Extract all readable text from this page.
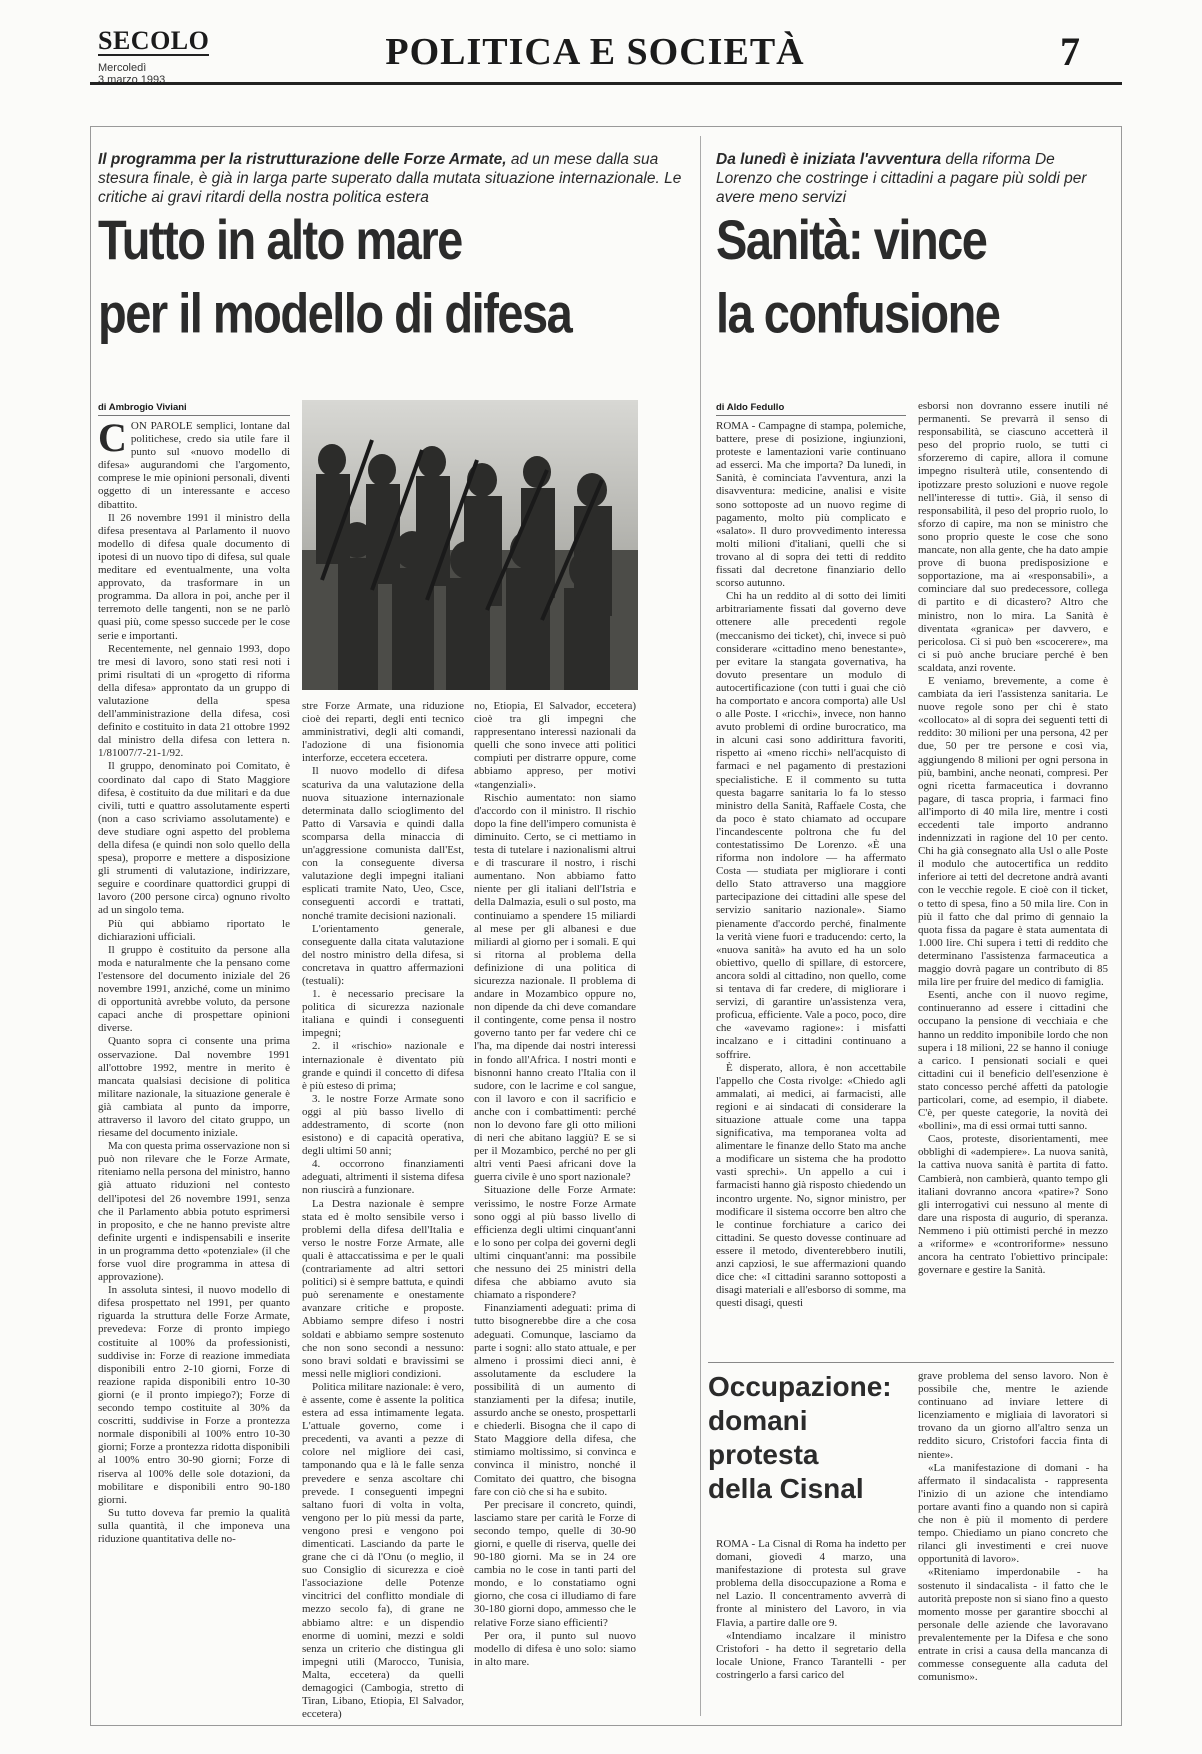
SECOLO
Mercoledì
3 marzo 1993
POLITICA E SOCIETÀ	7
Il programma per la ristrutturazione delle Forze Armate, ad un mese dalla sua stesura finale, è già in larga parte superato dalla mutata situazione internazionale. Le critiche ai gravi ritardi della nostra politica estera
Tutto in alto mare
per il modello di difesa
Da lunedì è iniziata l'avventura della riforma De Lorenzo che costringe i cittadini a pagare più soldi per avere meno servizi
Sanità: vince
la confusione
di Ambrogio Viviani

CON PAROLE semplici, lontane dal politichese, credo sia utile fare il punto sul «nuovo modello di difesa» augurandomi che l'argomento, comprese le mie opinioni personali, diventi oggetto di un interessante e acceso dibattito.

Il 26 novembre 1991 il ministro della difesa presentava al Parlamento il nuovo modello di difesa quale documento di ipotesi di un nuovo tipo di difesa, sul quale meditare ed eventualmente, una volta approvato, da trasformare in un programma. Da allora in poi, anche per il terremoto delle tangenti, non se ne parlò quasi più, come spesso succede per le cose serie e importanti.

Recentemente, nel gennaio 1993, dopo tre mesi di lavoro, sono stati resi noti i primi risultati di un «progetto di riforma della difesa» approntato da un gruppo di valutazione della spesa dell'amministrazione della difesa, così definito e costituito in data 21 ottobre 1992 dal ministro della difesa con lettera n. 1/81007/7-21-1/92.

Il gruppo, denominato poi Comitato, è coordinato dal capo di Stato Maggiore difesa, è costituito da due militari e da due civili, tutti e quattro assolutamente esperti (non a caso scriviamo assolutamente) e deve studiare ogni aspetto del problema della difesa (e quindi non solo quello della spesa), proporre e mettere a disposizione gli strumenti di valutazione, indirizzare, seguire e coordinare quattordici gruppi di lavoro (200 persone circa) ognuno rivolto ad un singolo tema.

Più qui abbiamo riportato le dichiarazioni ufficiali.

Il gruppo è costituito da persone alla moda e naturalmente che la pensano come l'estensore del documento iniziale del 26 novembre 1991, anziché, come un minimo di opportunità avrebbe voluto, da persone capaci anche di prospettare opinioni diverse.

Quanto sopra ci consente una prima osservazione. Dal novembre 1991 all'ottobre 1992, mentre in merito è mancata qualsiasi decisione di politica militare nazionale, la situazione generale è già cambiata al punto da imporre, attraverso il lavoro del citato gruppo, un riesame del documento iniziale.

Ma con questa prima osservazione non si può non rilevare che le Forze Armate, riteniamo nella persona del ministro, hanno già attuato riduzioni nel contesto dell'ipotesi del 26 novembre 1991, senza che il Parlamento abbia potuto esprimersi in proposito, e che ne hanno previste altre definite urgenti e indispensabili e inserite in un programma detto «potenziale» (il che forse vuol dire programma in attesa di approvazione).

In assoluta sintesi, il nuovo modello di difesa prospettato nel 1991, per quanto riguarda la struttura delle Forze Armate, prevedeva: Forze di pronto impiego costituite al 100% da professionisti, suddivise in: Forze di reazione immediata disponibili entro 2-10 giorni, Forze di reazione rapida disponibili entro 10-30 giorni (e il pronto impiego?); Forze di secondo tempo costituite al 30% da coscritti, suddivise in Forze a prontezza normale disponibili al 100% entro 10-30 giorni; Forze a prontezza ridotta disponibili al 100% entro 30-90 giorni; Forze di riserva al 100% delle sole dotazioni, da mobilitare e disponibili entro 90-180 giorni.

Su tutto doveva far premio la qualità sulla quantità, il che imponeva una riduzione quantitativa delle no-

stre Forze Armate, una riduzione cioè dei reparti, degli enti tecnico amministrativi, degli alti comandi, l'adozione di una fisionomia interforze, eccetera eccetera.

Il nuovo modello di difesa scaturiva da una valutazione della nuova situazione internazionale determinata dallo scioglimento del Patto di Varsavia e quindi dalla scomparsa della minaccia di un'aggressione comunista dall'Est, con la conseguente diversa valutazione degli impegni italiani esplicati tramite Nato, Ueo, Csce, conseguenti accordi e trattati, nonché tramite decisioni nazionali.

L'orientamento generale, conseguente dalla citata valutazione del nostro ministro della difesa, si concretava in quattro affermazioni (testuali):

1. è necessario precisare la politica di sicurezza nazionale italiana e quindi i conseguenti impegni;

2. il «rischio» nazionale e internazionale è diventato più grande e quindi il concetto di difesa è più esteso di prima;

3. le nostre Forze Armate sono oggi al più basso livello di addestramento, di scorte (non esistono) e di capacità operativa, degli ultimi 50 anni;

4. occorrono finanziamenti adeguati, altrimenti il sistema difesa non riuscirà a funzionare.

La Destra nazionale è sempre stata ed è molto sensibile verso i problemi della difesa dell'Italia e verso le nostre Forze Armate, alle quali è attaccatissima e per le quali (contrariamente ad altri settori politici) si è sempre battuta, e quindi può serenamente e onestamente avanzare critiche e proposte. Abbiamo sempre difeso i nostri soldati e abbiamo sempre sostenuto che non sono secondi a nessuno: sono bravi soldati e bravissimi se messi nelle migliori condizioni.

Politica militare nazionale: è vero, è assente, come è assente la politica estera ad essa intimamente legata. L'attuale governo, come i precedenti, va avanti a pezze di colore nel migliore dei casi, tamponando qua e là le falle senza prevedere e senza ascoltare chi prevede. I conseguenti impegni saltano fuori di volta in volta, vengono per lo più messi da parte, vengono presi e vengono poi dimenticati. Lasciando da parte le grane che ci dà l'Onu (o meglio, il suo Consiglio di sicurezza e cioè l'associazione delle Potenze vincitrici del conflitto mondiale di mezzo secolo fa), di grane ne abbiamo altre: e un dispendio enorme di uomini, mezzi e soldi senza un criterio che distingua gli impegni utili (Marocco, Tunisia, Malta, eccetera) da quelli demagogici (Cambogia, stretto di Tiran, Libano, Etiopia, El Salvador, eccetera)

no, Etiopia, El Salvador, eccetera) cioè tra gli impegni che rappresentano interessi nazionali da quelli che sono invece atti politici compiuti per distrarre oppure, come abbiamo appreso, per motivi «tangenziali».

Rischio aumentato: non siamo d'accordo con il ministro. Il rischio dopo la fine dell'impero comunista è diminuito. Certo, se ci mettiamo in testa di tutelare i nazionalismi altrui e di trascurare il nostro, i rischi aumentano. Non abbiamo fatto niente per gli italiani dell'Istria e della Dalmazia, esuli o sul posto, ma continuiamo a spendere 15 miliardi al mese per gli albanesi e due miliardi al giorno per i somali. E qui si ritorna al problema della definizione di una politica di sicurezza nazionale. Il problema di andare in Mozambico oppure no, non dipende da chi deve comandare il contingente, come pensa il nostro governo tanto per far vedere chi ce l'ha, ma dipende dai nostri interessi in fondo all'Africa. I nostri monti e bisnonni hanno creato l'Italia con il sudore, con le lacrime e col sangue, con il lavoro e con il sacrificio e anche con i combattimenti: perché non lo devono fare gli otto milioni di neri che abitano laggiù? E se si per il Mozambico, perché no per gli altri venti Paesi africani dove la guerra civile è uno sport nazionale?

Situazione delle Forze Armate: verissimo, le nostre Forze Armate sono oggi al più basso livello di efficienza degli ultimi cinquant'anni e lo sono per colpa dei governi degli ultimi cinquant'anni: ma possibile che nessuno dei 25 ministri della difesa che abbiamo avuto sia chiamato a rispondere?

Finanziamenti adeguati: prima di tutto bisognerebbe dire a che cosa adeguati. Comunque, lasciamo da parte i sogni: allo stato attuale, e per almeno i prossimi dieci anni, è assolutamente da escludere la possibilità di un aumento di stanziamenti per la difesa; inutile, assurdo anche se onesto, prospettarli e chiederli. Bisogna che il capo di Stato Maggiore della difesa, che stimiamo moltissimo, si convinca e convinca il ministro, nonché il Comitato dei quattro, che bisogna fare con ciò che si ha e subito.

Per precisare il concreto, quindi, lasciamo stare per carità le Forze di secondo tempo, quelle di 30-90 giorni, e quelle di riserva, quelle dei 90-180 giorni. Ma se in 24 ore cambia no le cose in tanti parti del mondo, e lo constatiamo ogni giorno, che cosa ci illudiamo di fare 30-180 giorni dopo, ammesso che le relative Forze siano efficienti?

Per ora, il punto sul nuovo modello di difesa è uno solo: siamo in alto mare.

di Aldo Fedullo

ROMA - Campagne di stampa, polemiche, battere, prese di posizione, ingiunzioni, proteste e lamentazioni varie continuano ad esserci. Ma che importa? Da lunedì, in Sanità, è cominciata l'avventura, anzi la disavventura: medicine, analisi e visite sono sottoposte ad un nuovo regime di pagamento, molto più complicato e «salato». Il duro provvedimento interessa molti milioni d'italiani, quelli che si trovano al di sopra dei tetti di reddito fissati dal decretone finanziario dello scorso autunno.

Chi ha un reddito al di sotto dei limiti arbitrariamente fissati dal governo deve ottenere alle precedenti regole (meccanismo dei ticket), chi, invece si può considerare «cittadino meno benestante», per evitare la stangata governativa, ha dovuto presentare un modulo di autocertificazione (con tutti i guai che ciò ha comportato e ancora comporta) alle Usl o alle Poste. I «ricchi», invece, non hanno avuto problemi di ordine burocratico, ma in alcuni casi sono addirittura favoriti, rispetto ai «meno ricchi» nell'acquisto di farmaci e nel pagamento di prestazioni specialistiche. E il commento su tutta questa bagarre sanitaria lo fa lo stesso ministro della Sanità, Raffaele Costa, che da poco è stato chiamato ad occupare l'incandescente poltrona che fu del contestatissimo De Lorenzo. «È una riforma non indolore — ha affermato Costa — studiata per migliorare i conti dello Stato attraverso una maggiore partecipazione dei cittadini alle spese del servizio sanitario nazionale». Siamo pienamente d'accordo perché, finalmente la verità viene fuori e traducendo: certo, la «nuova sanità» ha avuto ed ha un solo obiettivo, quello di spillare, di estorcere, ancora soldi al cittadino, non quello, come si tentava di far credere, di migliorare i servizi, di garantire un'assistenza vera, proficua, efficiente. Vale a poco, poco, dire che «avevamo ragione»: i misfatti incalzano e i cittadini continuano a soffrire.

È disperato, allora, è non accettabile l'appello che Costa rivolge: «Chiedo agli ammalati, ai medici, ai farmacisti, alle regioni e ai sindacati di considerare la situazione attuale come una tappa significativa, ma temporanea volta ad alimentare le finanze dello Stato ma anche a modificare un sistema che ha prodotto vasti sprechi». Un appello a cui i farmacisti hanno già risposto chiedendo un incontro urgente. No, signor ministro, per modificare il sistema occorre ben altro che le continue forchiature a carico dei cittadini. Se questo dovesse continuare ad essere il metodo, diventerebbero inutili, anzi capziosi, le sue affermazioni quando dice che: «I cittadini saranno sottoposti a disagi materiali e all'esborso di somme, ma questi disagi, questi

esborsi non dovranno essere inutili né permanenti. Se prevarrà il senso di responsabilità, se ciascuno accetterà il peso del proprio ruolo, se tutti ci sforzeremo di capire, allora il comune impegno risulterà utile, consentendo di ipotizzare presto soluzioni e nuove regole nell'interesse di tutti». Già, il senso di responsabilità, il peso del proprio ruolo, lo sforzo di capire, ma non se ministro che sono proprio queste le cose che sono mancate, non alla gente, che ha dato ampie prove di buona predisposizione e sopportazione, ma ai «responsabili», a cominciare dal suo predecessore, collega di partito e di dicastero? Altro che ministro, non lo mira. La Sanità è diventata «granica» per davvero, e pericolosa. Ci si può ben «scocerere», ma ci si può anche bruciare perché è ben scaldata, anzi rovente.

E veniamo, brevemente, a come è cambiata da ieri l'assistenza sanitaria. Le nuove regole sono per chi è stato «collocato» al di sopra dei seguenti tetti di reddito: 30 milioni per una persona, 42 per due, 50 per tre persone e così via, aggiungendo 8 milioni per ogni persona in più, bambini, anche neonati, compresi. Per ogni ricetta farmaceutica i dovranno pagare, di tasca propria, i farmaci fino all'importo di 40 mila lire, mentre i costi eccedenti tale importo andranno indennizzati in ragione del 10 per cento. Chi ha già consegnato alla Usl o alle Poste il modulo che autocertifica un reddito inferiore ai tetti del decretone andrà avanti con le vecchie regole. E cioè con il ticket, o tetto di spesa, fino a 50 mila lire. Con in più il fatto che dal primo di gennaio la quota fissa da pagare è stata aumentata di 1.000 lire. Chi supera i tetti di reddito che determinano l'assistenza farmaceutica a maggio dovrà pagare un contributo di 85 mila lire per fruire del medico di famiglia.

Esenti, anche con il nuovo regime, continueranno ad essere i cittadini che occupano la pensione di vecchiaia e che hanno un reddito imponibile lordo che non supera i 18 milioni, 22 se hanno il coniuge a carico. I pensionati sociali e quei cittadini cui il beneficio dell'esenzione è stato concesso perché affetti da patologie particolari, come, ad esempio, il diabete. C'è, per queste categorie, la novità dei «bollini», ma di essi ormai tutti sanno.

Caos, proteste, disorientamenti, mee obblighi di «adempiere». La nuova sanità, la cattiva nuova sanità è partita di fatto. Cambierà, non cambierà, quanto tempo gli italiani dovranno ancora «patire»? Sono gli interrogativi cui nessuno al mente di dare una risposta di augurio, di speranza. Nemmeno i più ottimisti perché in mezzo a «riforme» e «controriforme» nessuno ancora ha centrato l'obiettivo principale: governare e gestire la Sanità.

Occupazione: domani protesta della Cisnal

ROMA - La Cisnal di Roma ha indetto per domani, giovedì 4 marzo, una manifestazione di protesta sul grave problema della disoccupazione a Roma e nel Lazio. Il concentramento avverrà di fronte al ministero del Lavoro, in via Flavia, a partire dalle ore 9.

«Intendiamo incalzare il ministro Cristofori - ha detto il segretario della locale Unione, Franco Tarantelli - per costringerlo a farsi carico del

grave problema del senso lavoro. Non è possibile che, mentre le aziende continuano ad inviare lettere di licenziamento e migliaia di lavoratori si trovano da un giorno all'altro senza un reddito sicuro, Cristofori faccia finta di niente».

«La manifestazione di domani - ha affermato il sindacalista - rappresenta l'inizio di un azione che intendiamo portare avanti fino a quando non si capirà che non è più il momento di perdere tempo. Chiediamo un piano concreto che rilanci gli investimenti e crei nuove opportunità di lavoro».

«Riteniamo imperdonabile - ha sostenuto il sindacalista - il fatto che le autorità preposte non si siano fino a questo momento mosse per garantire sbocchi al personale delle aziende che lavoravano prevalentemente per la Difesa e che sono entrate in crisi a causa della mancanza di commesse conseguente alla caduta del comunismo».
